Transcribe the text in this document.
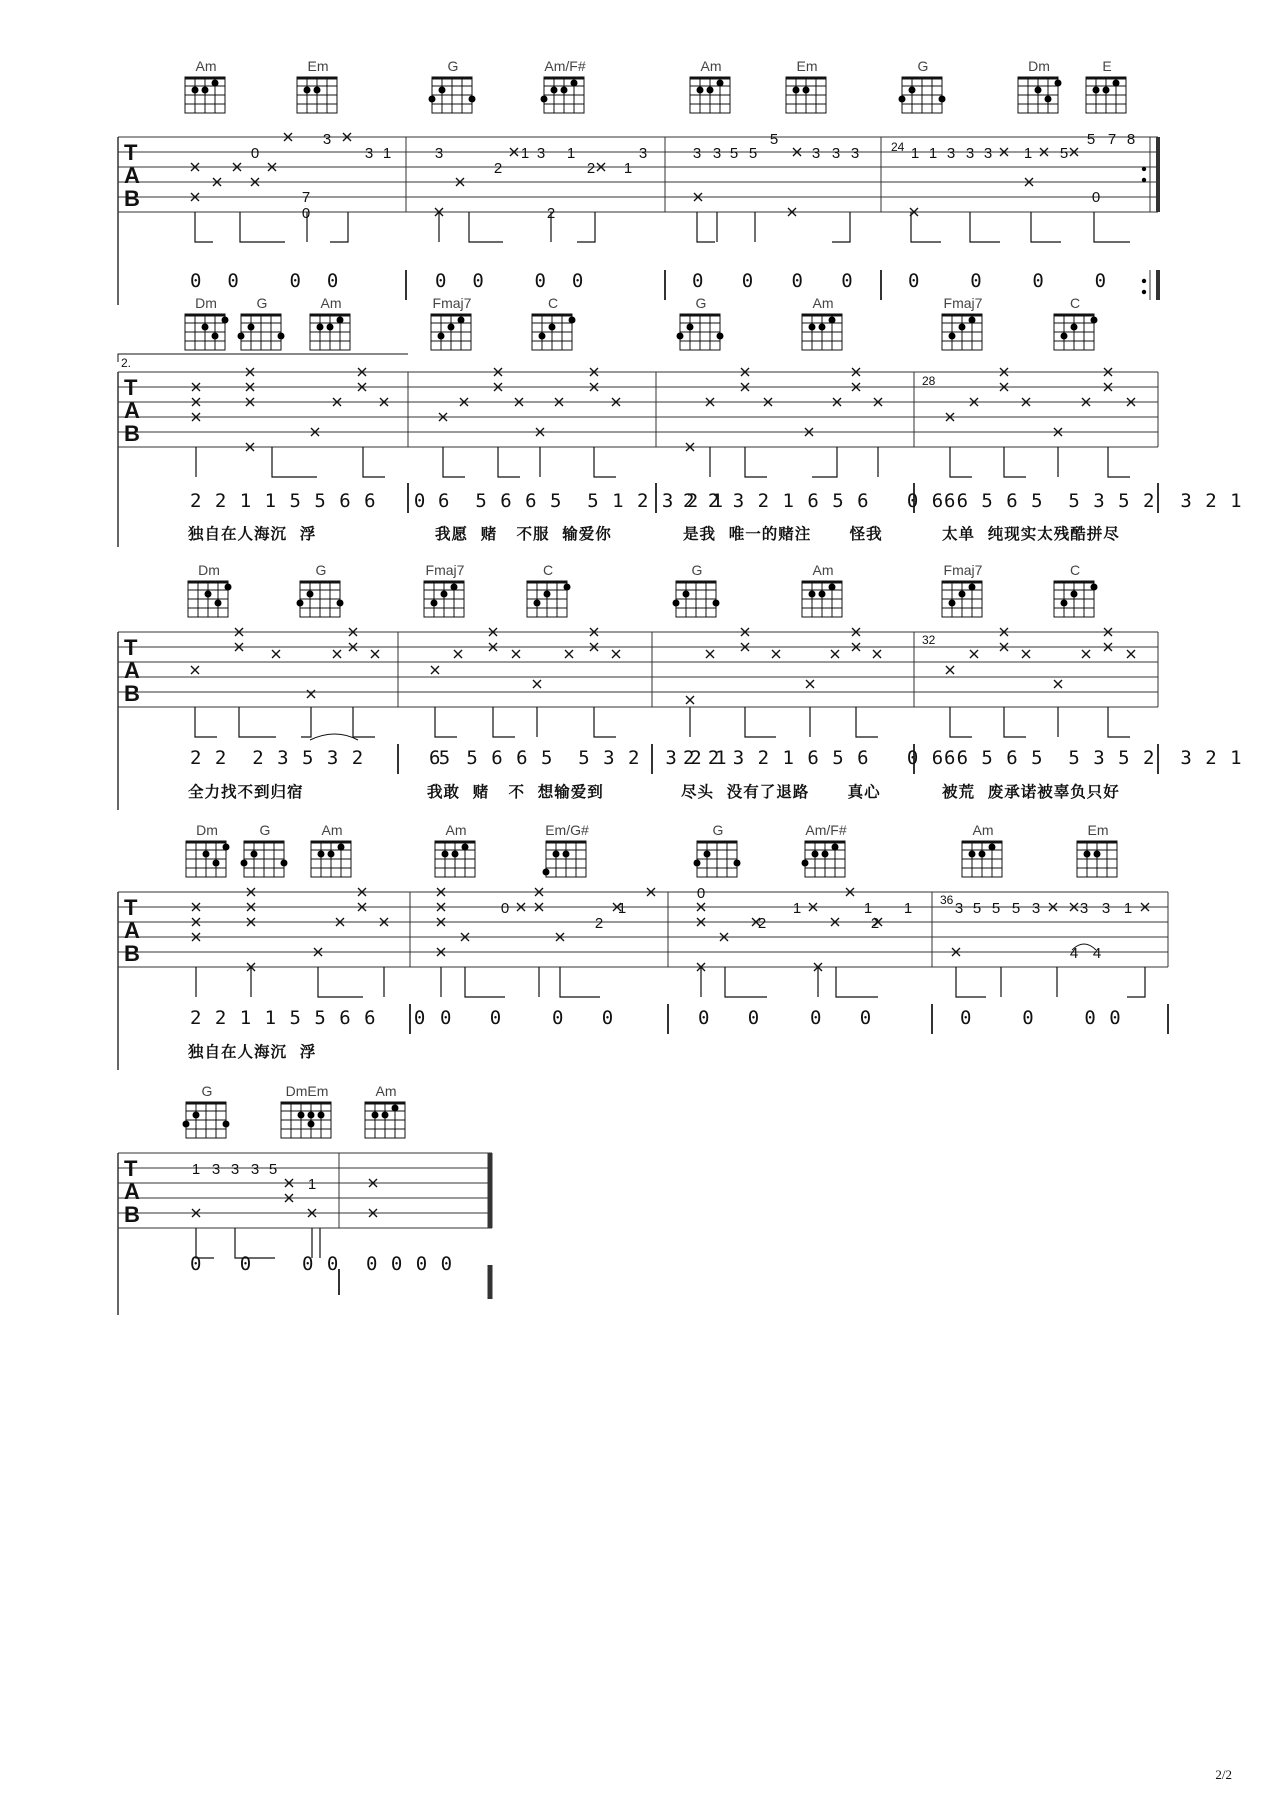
Am	Em	G	Am/F#	Am	Em	G	Dm	E
T
A
B
24
0
3
3 1	3	1 3 1	3
2	2 1
2
3 3 5 5
5
3 3 3	1 1 3 3 3 1 5
5 7 8
7	0
0
0  0    0  0	0  0    0  0	0   0   0   0	0    0    0    0
Dm	G	Am	Fmaj7	C	G	Am	Fmaj7	C
2.
T
A
B
28
2 2 1 1 5 5 6 6   0 6  5 6 6 5  5 1 2 3 2 1
2 2 3 2 1 6 5 6   0 6 6
6  5 6 5  5 3 5 2  3 2 1
独自在人海沉  浮	我愿  赌   不服  输爱你	是我  唯一的赌注      怪我	太单  纯现实太残酷拼尽
Dm	G	Fmaj7	C	G	Am	Fmaj7	C
T
A
B
32
2 2  2 3 5 3 2      5
6  5 6 6 5  5 3 2  3 2 1
2 2 3 2 1 6 5 6   0 6 6
6  5 6 5  5 3 5 2  3 2 1
全力找不到归宿	我敢  赌   不  想输爱到	尽头  没有了退路      真心	被荒  废承诺被辜负只好
Dm	G	Am	Am	Em/G#	G	Am/F#	Am	Em
T
A
B
36
0	1
2
1
0
2
1
2
1	3 5 5 5 3	3 3 1
4 4
2 2 1 1 5 5 6 6   0 0   0    0   0	0   0    0   0	0    0    0 0
独自在人海沉  浮
G	DmEm	Am
T
A
B
1 3 3 3 5
1
0   0    0 0 0 0 0 0
2/2
